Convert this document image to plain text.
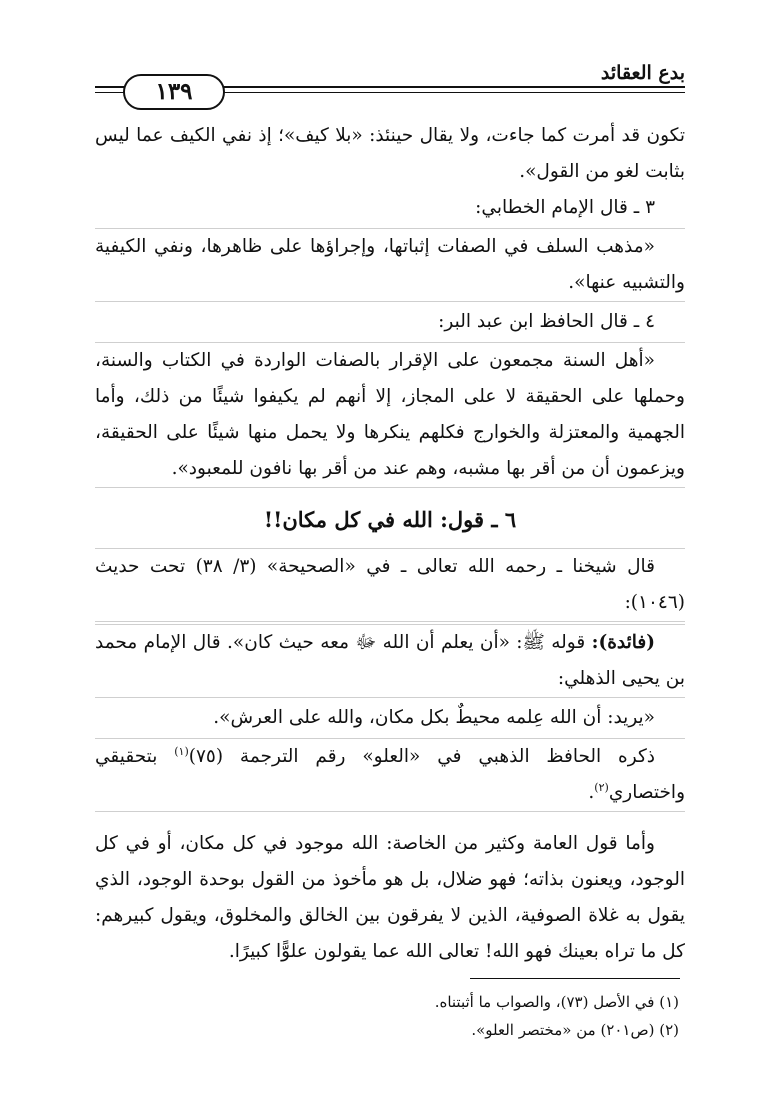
بدع العقائد
١٣٩

تكون قد أمرت كما جاءت، ولا يقال حينئذ: «بلا كيف»؛ إذ نفي الكيف عما ليس بثابت لغو من القول».

٣ ـ قال الإمام الخطابي:

«مذهب السلف في الصفات إثباتها، وإجراؤها على ظاهرها، ونفي الكيفية والتشبيه عنها».

٤ ـ قال الحافظ ابن عبد البر:

«أهل السنة مجمعون على الإقرار بالصفات الواردة في الكتاب والسنة، وحملها على الحقيقة لا على المجاز، إلا أنهم لم يكيفوا شيئًا من ذلك، وأما الجهمية والمعتزلة والخوارج فكلهم ينكرها ولا يحمل منها شيئًا على الحقيقة، ويزعمون أن من أقر بها مشبه، وهم عند من أقر بها نافون للمعبود».

٦ ـ قول: الله في كل مكان!!

قال شيخنا ـ رحمه الله تعالى ـ في «الصحيحة» (٣/ ٣٨) تحت حديث (١٠٤٦):

(فائدة): قوله ﷺ: «أن يعلم أن الله ﷻ معه حيث كان». قال الإمام محمد بن يحيى الذهلي:

«يريد: أن الله عِلمه محيطٌ بكل مكان، والله على العرش».

ذكره الحافظ الذهبي في «العلو» رقم الترجمة (٧٥)$^{(١)}$ بتحقيقي واختصاري$^{(٢)}$.

وأما قول العامة وكثير من الخاصة: الله موجود في كل مكان، أو في كل الوجود، ويعنون بذاته؛ فهو ضلال، بل هو مأخوذ من القول بوحدة الوجود، الذي يقول به غلاة الصوفية، الذين لا يفرقون بين الخالق والمخلوق، ويقول كبيرهم: كل ما تراه بعينك فهو الله! تعالى الله عما يقولون علوًّا كبيرًا.

(١) في الأصل (٧٣)، والصواب ما أثبتناه.

(٢) (ص٢٠١) من «مختصر العلو».
